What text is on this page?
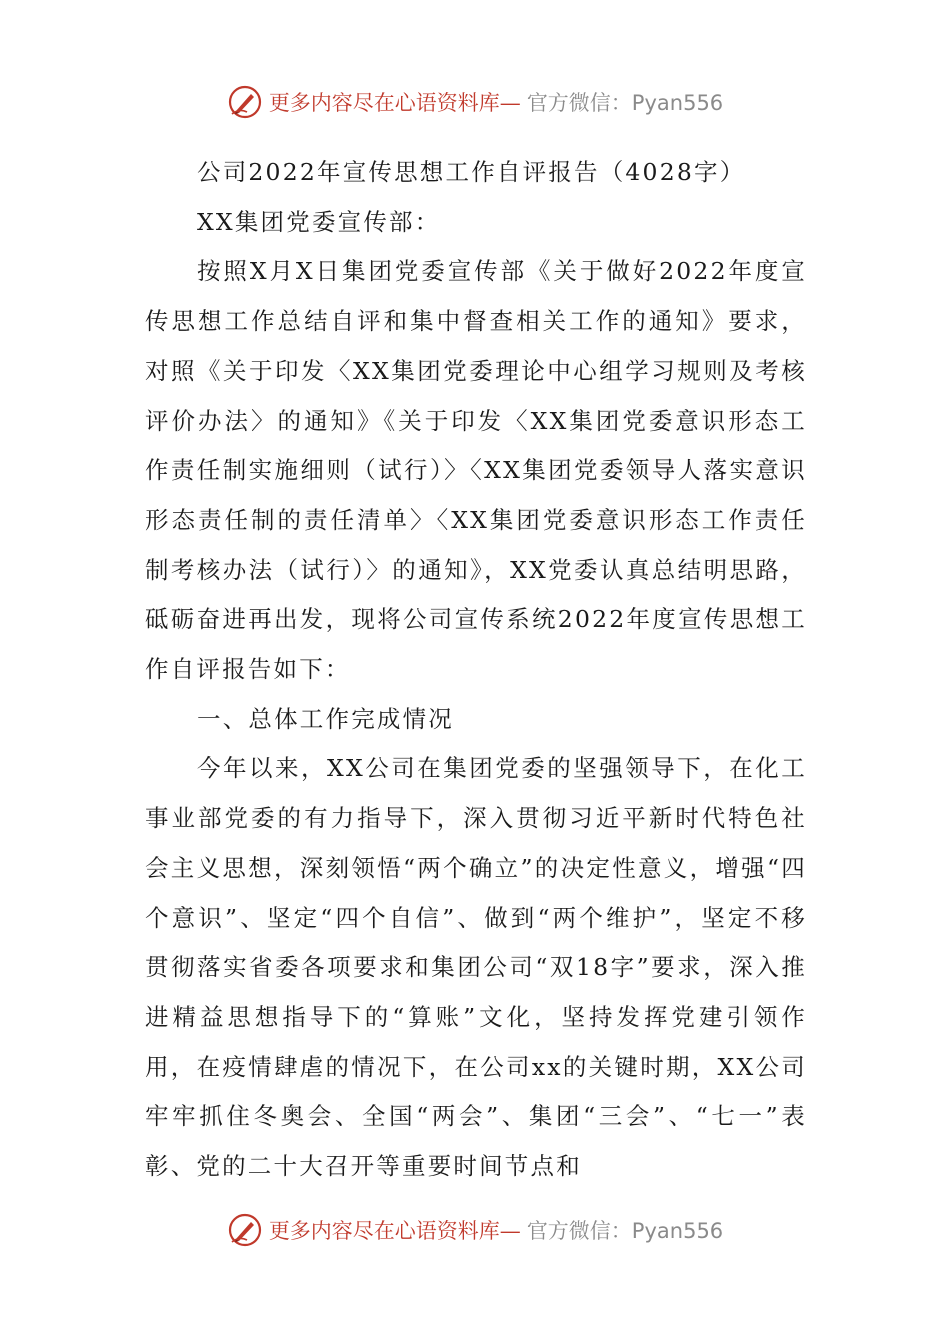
更多内容尽在心语资料库— 官方微信：Pyan556

公司2022年宣传思想工作自评报告（4028字）

XX集团党委宣传部：

按照X月X日集团党委宣传部《关于做好2022年度宣传思想工作总结自评和集中督查相关工作的通知》要求，对照《关于印发〈XX集团党委理论中心组学习规则及考核评价办法〉的通知》《关于印发〈XX集团党委意识形态工作责任制实施细则（试行）〉〈XX集团党委领导人落实意识形态责任制的责任清单〉〈XX集团党委意识形态工作责任制考核办法（试行）〉的通知》，XX党委认真总结明思路，砥砺奋进再出发，现将公司宣传系统2022年度宣传思想工作自评报告如下：

一、总体工作完成情况

今年以来，XX公司在集团党委的坚强领导下，在化工事业部党委的有力指导下，深入贯彻习近平新时代特色社会主义思想，深刻领悟“两个确立”的决定性意义，增强“四个意识”、坚定“四个自信”、做到“两个维护”，坚定不移贯彻落实省委各项要求和集团公司“双18字”要求，深入推进精益思想指导下的“算账”文化，坚持发挥党建引领作用，在疫情肆虐的情况下，在公司xx的关键时期，XX公司牢牢抓住冬奥会、全国“两会”、集团“三会”、“七一”表彰、党的二十大召开等重要时间节点和

更多内容尽在心语资料库— 官方微信：Pyan556
